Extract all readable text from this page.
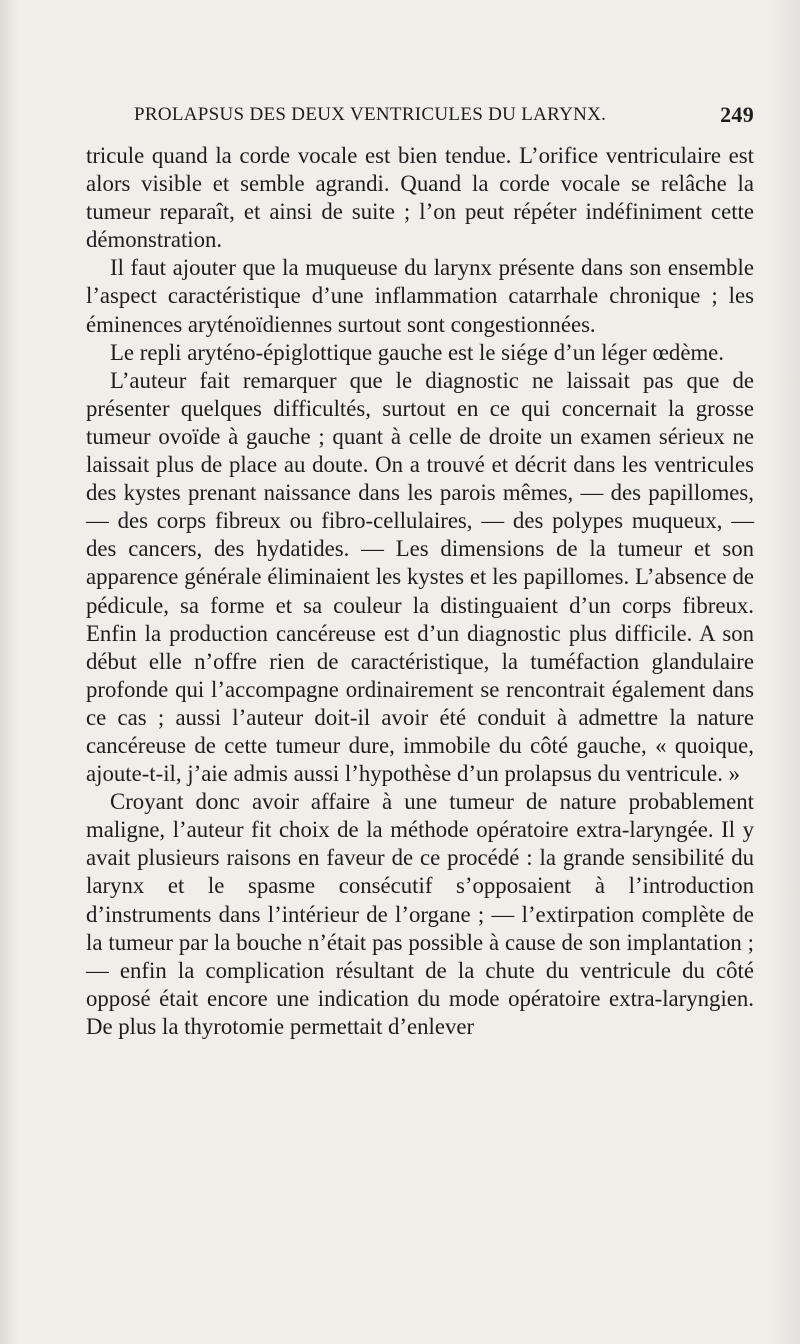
PROLAPSUS DES DEUX VENTRICULES DU LARYNX.	249

tricule quand la corde vocale est bien tendue. L’orifice ventriculaire est alors visible et semble agrandi. Quand la corde vocale se relâche la tumeur reparaît, et ainsi de suite ; l’on peut répéter indéfiniment cette démonstration.

Il faut ajouter que la muqueuse du larynx présente dans son ensemble l’aspect caractéristique d’une inflammation catarrhale chronique ; les éminences aryténoïdiennes surtout sont congestionnées.

Le repli aryténo-épiglottique gauche est le siége d’un léger œdème.

L’auteur fait remarquer que le diagnostic ne laissait pas que de présenter quelques difficultés, surtout en ce qui concernait la grosse tumeur ovoïde à gauche ; quant à celle de droite un examen sérieux ne laissait plus de place au doute. On a trouvé et décrit dans les ventricules des kystes prenant naissance dans les parois mêmes, — des papillomes, — des corps fibreux ou fibro-cellulaires, — des polypes muqueux, — des cancers, des hydatides. — Les dimensions de la tumeur et son apparence générale éliminaient les kystes et les papillomes. L’absence de pédicule, sa forme et sa couleur la distinguaient d’un corps fibreux. Enfin la production cancéreuse est d’un diagnostic plus difficile. A son début elle n’offre rien de caractéristique, la tuméfaction glandulaire profonde qui l’accompagne ordinairement se rencontrait également dans ce cas ; aussi l’auteur doit-il avoir été conduit à admettre la nature cancéreuse de cette tumeur dure, immobile du côté gauche, « quoique, ajoute-t-il, j’aie admis aussi l’hypothèse d’un prolapsus du ventricule. »

Croyant donc avoir affaire à une tumeur de nature probablement maligne, l’auteur fit choix de la méthode opératoire extra-laryngée. Il y avait plusieurs raisons en faveur de ce procédé : la grande sensibilité du larynx et le spasme consécutif s’opposaient à l’introduction d’instruments dans l’intérieur de l’organe ; — l’extirpation complète de la tumeur par la bouche n’était pas possible à cause de son implantation ; — enfin la complication résultant de la chute du ventricule du côté opposé était encore une indication du mode opératoire extra-laryngien. De plus la thyrotomie permettait d’enlever
